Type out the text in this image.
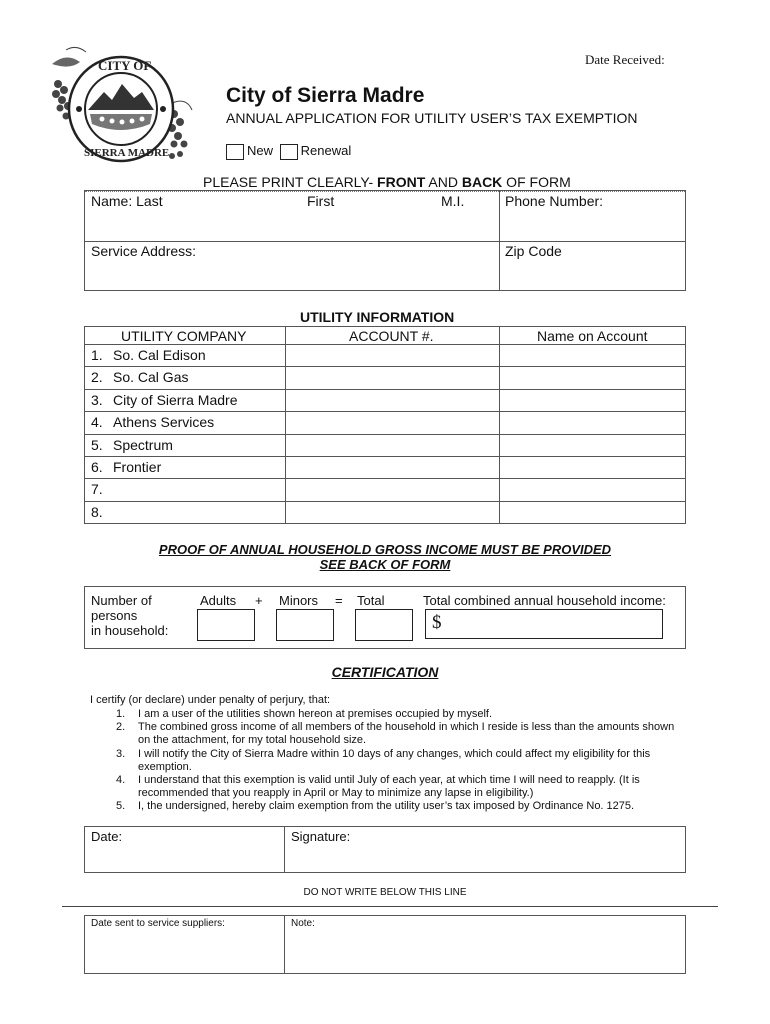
Date Received:
CITY OF
SIERRA MADRE
City of Sierra Madre
ANNUAL APPLICATION FOR UTILITY USER’S TAX EXEMPTION
New Renewal
PLEASE PRINT CLEARLY- FRONT AND BACK OF FORM
Name: Last	First	M.I.	Phone Number:
Service Address:	Zip Code
UTILITY INFORMATION
UTILITY COMPANY	ACCOUNT #.	Name on Account
1. So. Cal Edison
2. So. Cal Gas
3. City of Sierra Madre
4. Athens Services
5. Spectrum
6. Frontier
7.
8.
PROOF OF ANNUAL HOUSEHOLD GROSS INCOME MUST BE PROVIDED
SEE BACK OF FORM
Number of
persons
in household:
Adults + Minors = Total	Total combined annual household income:
$
CERTIFICATION
I certify (or declare) under penalty of perjury, that:
1. I am a user of the utilities shown hereon at premises occupied by myself.
2. The combined gross income of all members of the household in which I reside is less than the amounts shown on the attachment, for my total household size.
3. I will notify the City of Sierra Madre within 10 days of any changes, which could affect my eligibility for this exemption.
4. I understand that this exemption is valid until July of each year, at which time I will need to reapply. (It is recommended that you reapply in April or May to minimize any lapse in eligibility.)
5. I, the undersigned, hereby claim exemption from the utility user’s tax imposed by Ordinance No. 1275.
Date:	Signature:
DO NOT WRITE BELOW THIS LINE
Date sent to service suppliers:	Note:
